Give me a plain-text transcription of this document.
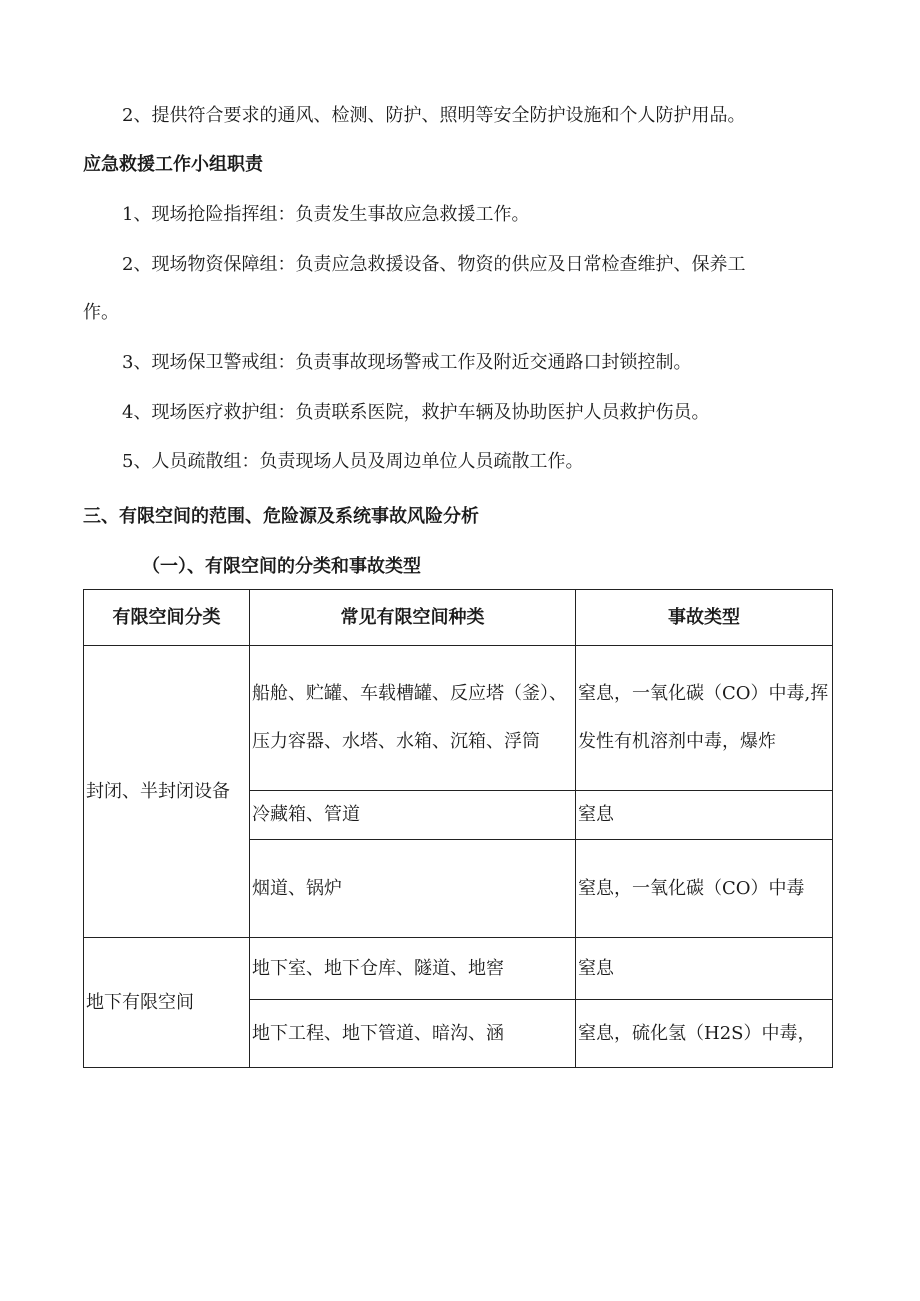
2、提供符合要求的通风、检测、防护、照明等安全防护设施和个人防护用品。
应急救援工作小组职责
1、现场抢险指挥组：负责发生事故应急救援工作。
2、现场物资保障组：负责应急救援设备、物资的供应及日常检查维护、保养工
作。
3、现场保卫警戒组：负责事故现场警戒工作及附近交通路口封锁控制。
4、现场医疗救护组：负责联系医院，救护车辆及协助医护人员救护伤员。
5、人员疏散组：负责现场人员及周边单位人员疏散工作。
三、有限空间的范围、危险源及系统事故风险分析
（一）、有限空间的分类和事故类型
有限空间分类	常见有限空间种类	事故类型

封闭、半封闭设备	船舱、贮罐、车载槽罐、反应塔（釜）、压力容器、水塔、水箱、沉箱、浮筒	窒息，一氧化碳（CO）中毒,挥发性有机溶剂中毒，爆炸

	冷藏箱、管道	窒息

	烟道、锅炉	窒息，一氧化碳（CO）中毒

地下有限空间	地下室、地下仓库、隧道、地窖	窒息

	地下工程、地下管道、暗沟、涵	窒息，硫化氢（H2S）中毒，
